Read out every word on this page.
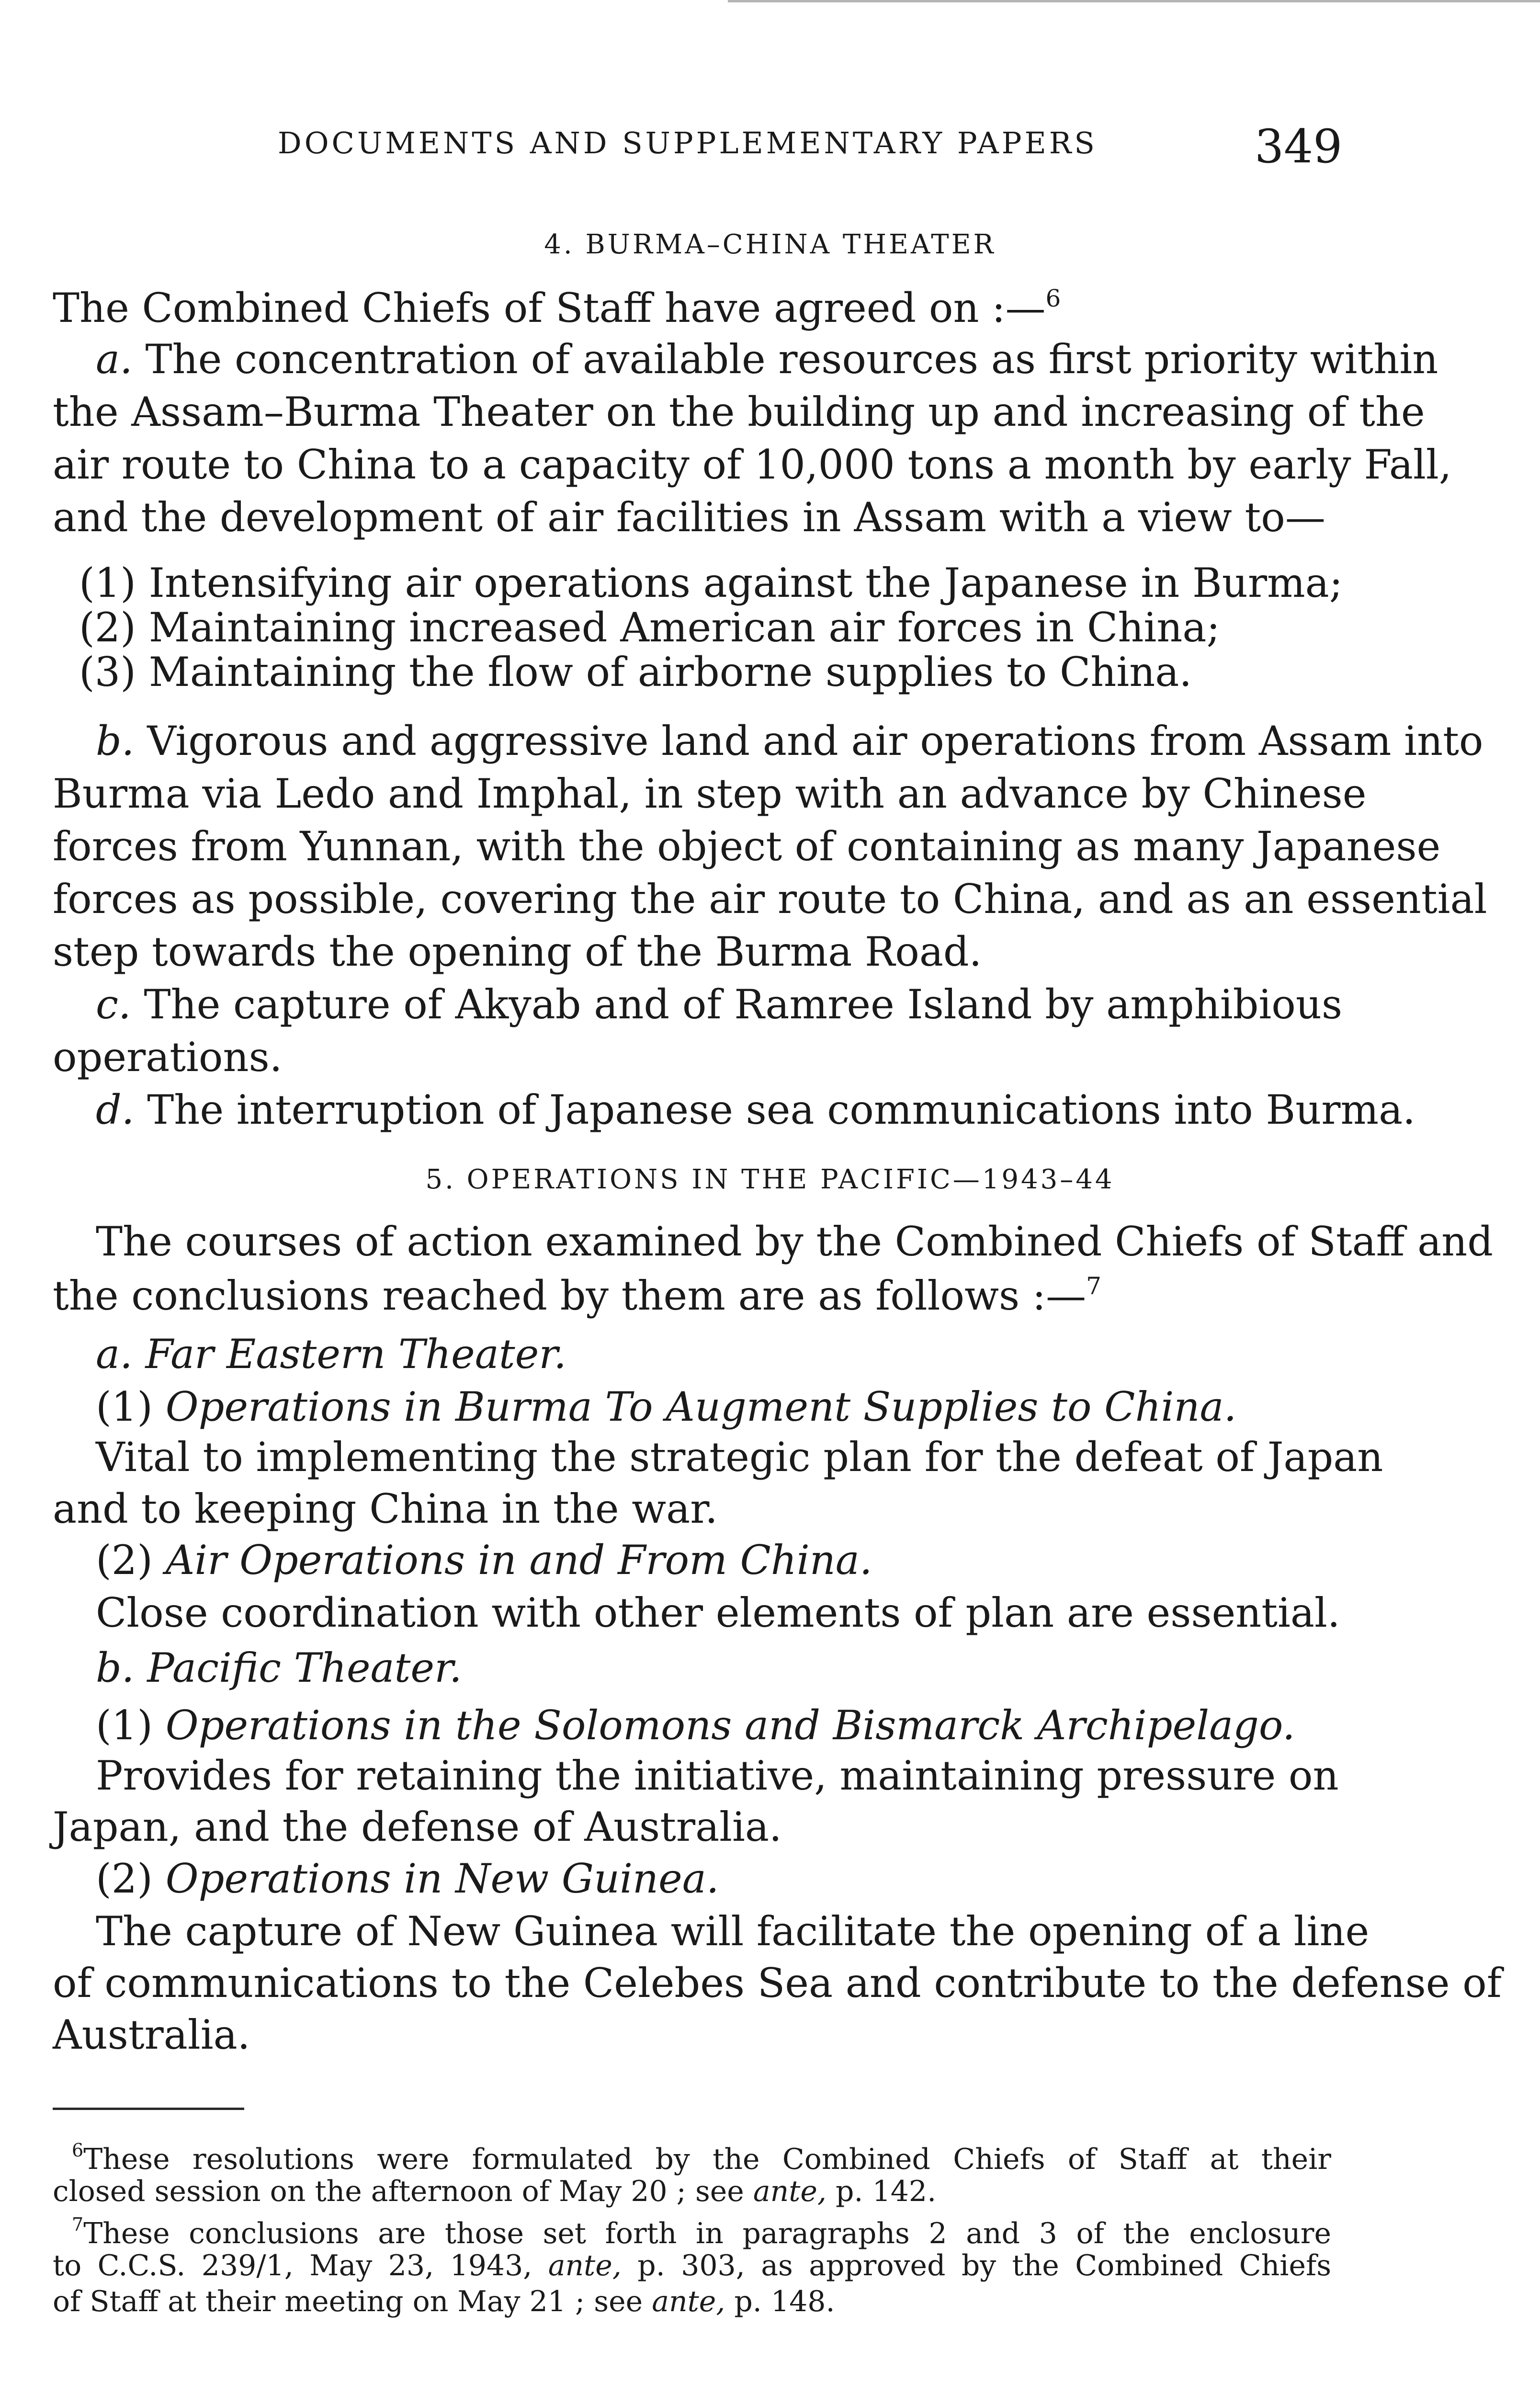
DOCUMENTS AND SUPPLEMENTARY PAPERS	349
4. BURMA–CHINA THEATER
The Combined Chiefs of Staff have agreed on :—$^6$
a. The concentration of available resources as first priority within
the Assam–Burma Theater on the building up and increasing of the
air route to China to a capacity of 10,000 tons a month by early Fall,
and the development of air facilities in Assam with a view to—
(1) Intensifying air operations against the Japanese in Burma;
(2) Maintaining increased American air forces in China;
(3) Maintaining the flow of airborne supplies to China.
b. Vigorous and aggressive land and air operations from Assam into
Burma via Ledo and Imphal, in step with an advance by Chinese
forces from Yunnan, with the object of containing as many Japanese
forces as possible, covering the air route to China, and as an essential
step towards the opening of the Burma Road.
c. The capture of Akyab and of Ramree Island by amphibious
operations.
d. The interruption of Japanese sea communications into Burma.
5. OPERATIONS IN THE PACIFIC—1943–44
The courses of action examined by the Combined Chiefs of Staff and
the conclusions reached by them are as follows :—$^7$
a. Far Eastern Theater.
(1) Operations in Burma To Augment Supplies to China.
Vital to implementing the strategic plan for the defeat of Japan
and to keeping China in the war.
(2) Air Operations in and From China.
Close coordination with other elements of plan are essential.
b. Pacific Theater.
(1) Operations in the Solomons and Bismarck Archipelago.
Provides for retaining the initiative, maintaining pressure on
Japan, and the defense of Australia.
(2) Operations in New Guinea.
The capture of New Guinea will facilitate the opening of a line
of communications to the Celebes Sea and contribute to the defense of
Australia.
$^6$These resolutions were formulated by the Combined Chiefs of Staff at their
closed session on the afternoon of May 20 ; see ante, p. 142.
$^7$These conclusions are those set forth in paragraphs 2 and 3 of the enclosure
to C.C.S. 239/1, May 23, 1943, ante, p. 303, as approved by the Combined Chiefs
of Staff at their meeting on May 21 ; see ante, p. 148.
